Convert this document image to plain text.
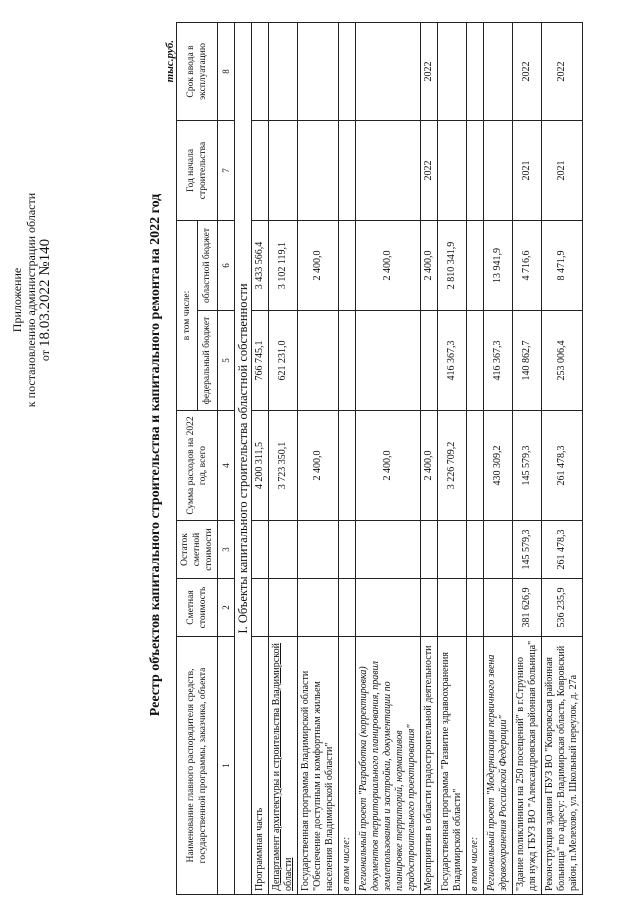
Приложение к постановлению администрации области от 18.03.2022 №140	Реестр объектов капитального строительства и капитального ремонта на 2022 год
тыс.руб.
Наименование главного распорядителя средств, государственной программы, заказчика, объекта	Сметная стоимость	Остаток сметной стоимости	Сумма расходов на 2022 год, всего	в том числе:		Год начала строительства	Срок ввода в эксплуатацию
				федеральный бюджет	областной бюджет		
1	2	3	4	5	6	7	8
I. Объекты капитального строительства областной собственности							
Программная часть			4 200 311,5	766 745,1	3 433 566,4		
Департамент архитектуры и строительства Владимирской области			3 723 350,1	621 231,0	3 102 119,1		
Государственная программа Владимирской области "Обеспечение доступным и комфортным жильем населения Владимирской области"			2 400,0		2 400,0		
в том числе:							
Региональный проект "Разработка (корректировка) документов территориального планирования, правил землепользования и застройки, документации по планировке территорий, нормативов градостроительного проектирования"			2 400,0		2 400,0		
Мероприятия в области градостроительной деятельности			2 400,0		2 400,0	2022	2022
Государственная программа "Развитие здравоохранения Владимирской области"			3 226 709,2	416 367,3	2 810 341,9		
в том числе:							
Региональный проект "Модернизация первичного звена здравоохранения Российской Федерации"			430 309,2	416 367,3	13 941,9		
"Здание поликлиники на 250 посещений" в г.Струнино для нужд ГБУЗ ВО "Александровская районная больница"	381 626,9	145 579,3	145 579,3	140 862,7	4 716,6	2021	2022
Реконструкция здания ГБУЗ ВО "Ковровская районная больница" по адресу: Владимирская область, Ковровский район, п.Мелехово, ул. Школьный переулок, д. 27а	536 235,9	261 478,3	261 478,3	253 006,4	8 471,9	2021	2022
